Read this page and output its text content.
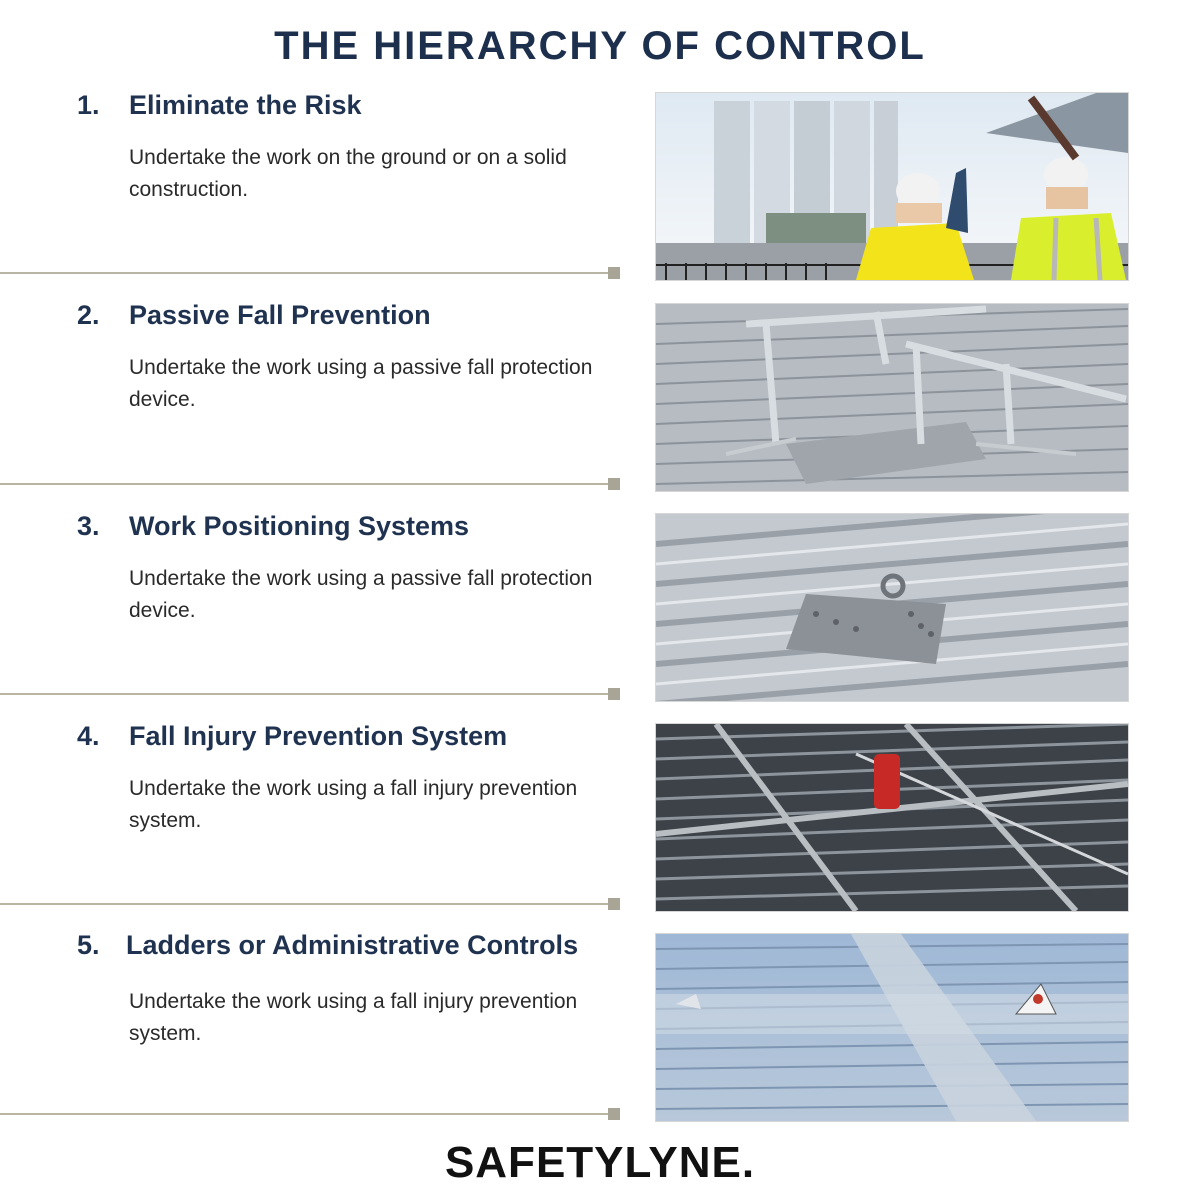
THE HIERARCHY OF CONTROL
1. Eliminate the Risk
Undertake the work on the ground or on a solid construction.
2. Passive Fall Prevention
Undertake the work using a passive fall protection device.
3. Work Positioning Systems
Undertake the work using a passive fall protection device.
4. Fall Injury Prevention System
Undertake the work using a fall injury prevention system.
5. Ladders or Administrative Controls
Undertake the work using a fall injury prevention system.
SAFETYLYNE.
